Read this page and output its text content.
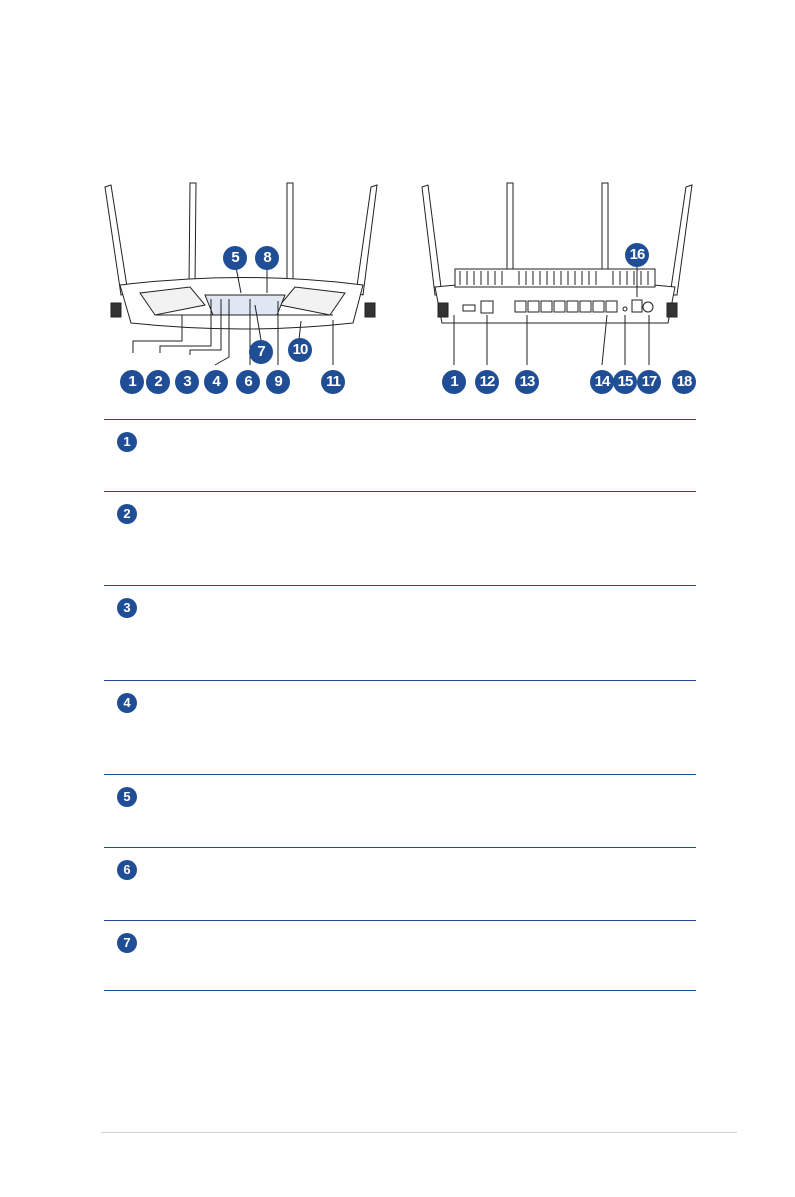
5	8
7	10
1	2	3	4	6	9	11
16
1	12	13	14 15 17	18
1
2
3
4
5
6
7
